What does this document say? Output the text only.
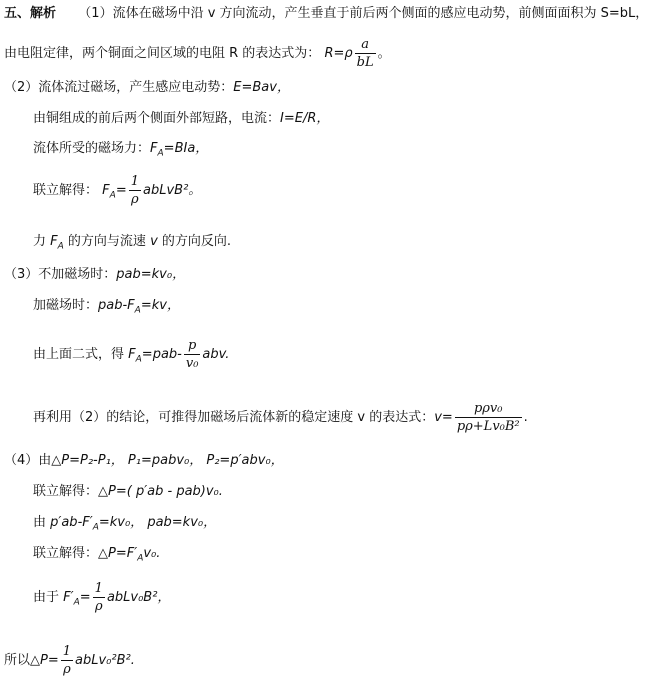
五、解析 （1）流体在磁场中沿 v 方向流动，产生垂直于前后两个侧面的感应电动势，前侧面面积为 S=bL，
由电阻定律，两个铜面之间区域的电阻 R 的表达式为： $R=\rho \frac{a}{bL}$ 。
（2）流体流过磁场，产生感应电动势：E=Bav，
由铜组成的前后两个侧面外部短路，电流：I=E/R，
流体所受的磁场力：$F_A=BIa$，
联立解得： $F_A= \frac{1}{\rho}$ abLvB²。
力 $F_A$ 的方向与流速 v 的方向反向.
（3）不加磁场时：pab=kv₀，
加磁场时：pab-$F_A=kv$，
由上面二式，得 $F_A=pab- \frac{p}{\text{v₀}}$ abv.
再利用（2）的结论，可推得加磁场后流体新的稳定速度 v 的表达式：$v= \frac{\text{pρv₀}}{\text{pρ+Lv₀B²}}$ .
（4）由△P=P₂-P₁， P₁=pabv₀， P₂=p′abv₀，
联立解得：△P=( p′ab - pab)v₀.
由 $p'ab-F'_A=kv_0$， pab=kv₀，
联立解得：$\triangle P=F'_Av_0$.
由于 $F'_A= \frac{1}{\rho}$ abLv₀B²，
所以△P= $\frac{1}{\rho}$ abLv₀²B².
